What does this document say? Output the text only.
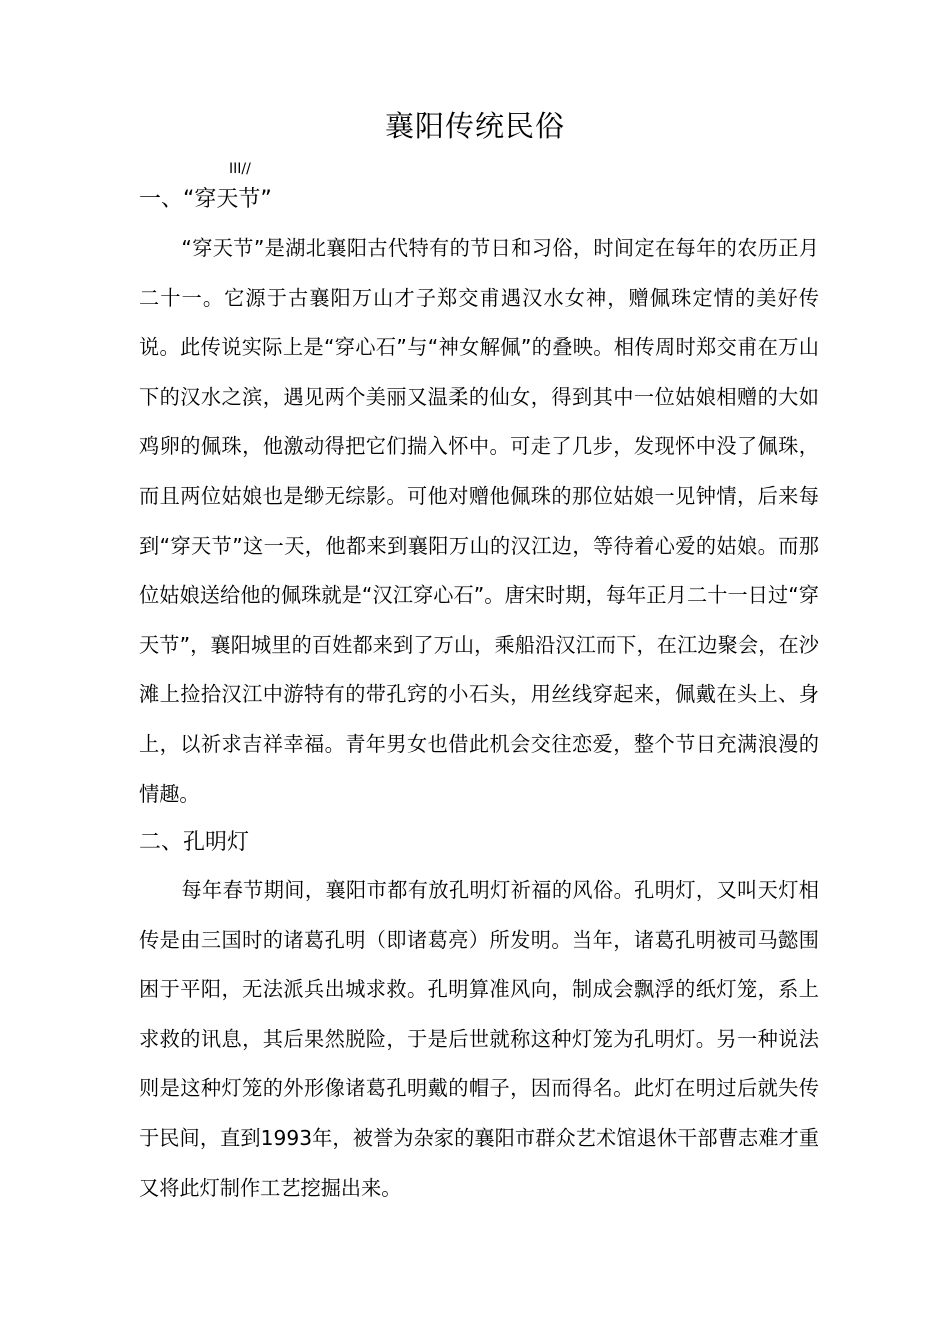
襄阳传统民俗
III//
一、“穿天节”

“穿天节”是湖北襄阳古代特有的节日和习俗，时间定在每年的农历正月二十一。它源于古襄阳万山才子郑交甫遇汉水女神，赠佩珠定情的美好传说。此传说实际上是“穿心石”与“神女解佩”的叠映。相传周时郑交甫在万山下的汉水之滨，遇见两个美丽又温柔的仙女，得到其中一位姑娘相赠的大如鸡卵的佩珠，他激动得把它们揣入怀中。可走了几步，发现怀中没了佩珠，而且两位姑娘也是缈无综影。可他对赠他佩珠的那位姑娘一见钟情，后来每到“穿天节”这一天，他都来到襄阳万山的汉江边，等待着心爱的姑娘。而那位姑娘送给他的佩珠就是“汉江穿心石”。唐宋时期，每年正月二十一日过“穿天节”，襄阳城里的百姓都来到了万山，乘船沿汉江而下，在江边聚会，在沙滩上捡拾汉江中游特有的带孔窍的小石头，用丝线穿起来，佩戴在头上、身上，以祈求吉祥幸福。青年男女也借此机会交往恋爱，整个节日充满浪漫的情趣。

二、孔明灯

每年春节期间，襄阳市都有放孔明灯祈福的风俗。孔明灯，又叫天灯相传是由三国时的诸葛孔明（即诸葛亮）所发明。当年，诸葛孔明被司马懿围困于平阳，无法派兵出城求救。孔明算准风向，制成会飘浮的纸灯笼，系上求救的讯息，其后果然脱险，于是后世就称这种灯笼为孔明灯。另一种说法则是这种灯笼的外形像诸葛孔明戴的帽子，因而得名。此灯在明过后就失传于民间，直到1993年，被誉为杂家的襄阳市群众艺术馆退休干部曹志难才重又将此灯制作工艺挖掘出来。
